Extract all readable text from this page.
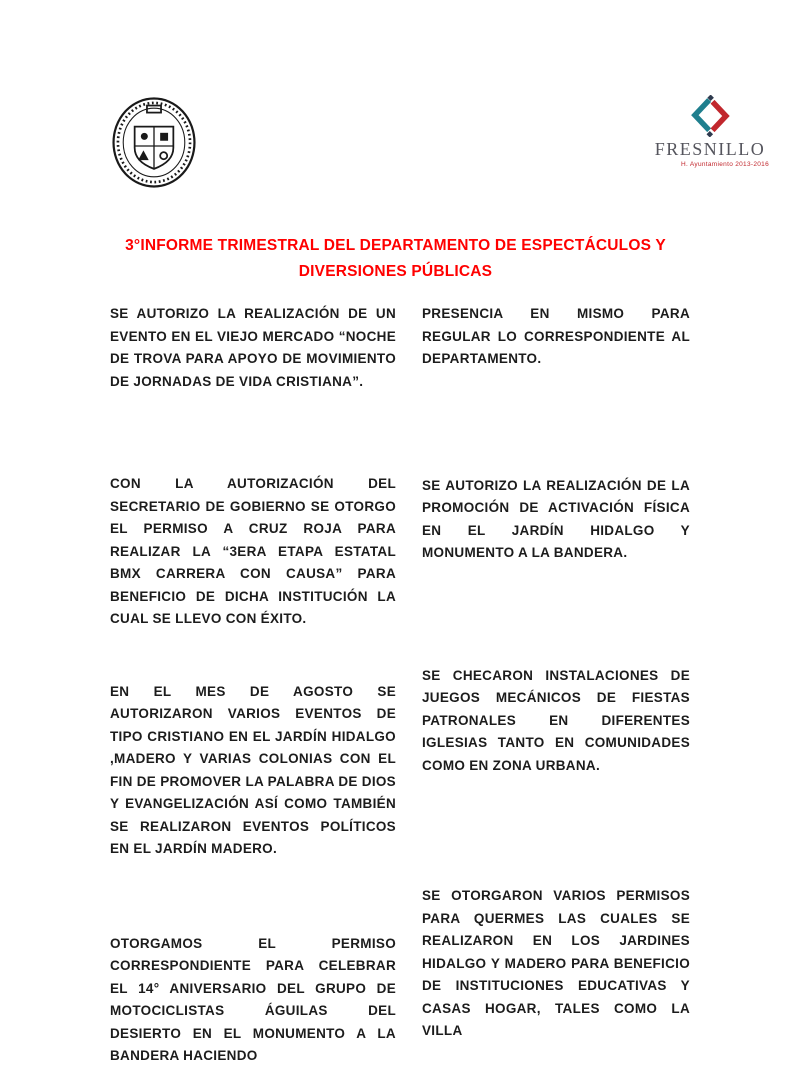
FRESNILLO
H. Ayuntamiento 2013-2016
3°INFORME TRIMESTRAL DEL DEPARTAMENTO DE ESPECTÁCULOS Y
DIVERSIONES PÚBLICAS

SE AUTORIZO LA REALIZACIÓN DE UN EVENTO EN EL VIEJO MERCADO “NOCHE DE TROVA PARA APOYO DE MOVIMIENTO DE JORNADAS DE VIDA CRISTIANA”.

CON LA AUTORIZACIÓN DEL SECRETARIO DE GOBIERNO SE OTORGO EL PERMISO A CRUZ ROJA PARA REALIZAR LA “3ERA ETAPA ESTATAL BMX CARRERA CON CAUSA” PARA BENEFICIO DE DICHA INSTITUCIÓN LA CUAL SE LLEVO CON ÉXITO.

EN EL MES DE AGOSTO SE AUTORIZARON VARIOS EVENTOS DE TIPO CRISTIANO EN EL JARDÍN HIDALGO ,MADERO Y VARIAS COLONIAS CON EL FIN DE PROMOVER LA PALABRA DE DIOS Y EVANGELIZACIÓN ASÍ COMO TAMBIÉN SE REALIZARON EVENTOS POLÍTICOS EN EL JARDÍN MADERO.

OTORGAMOS EL PERMISO CORRESPONDIENTE PARA CELEBRAR EL 14° ANIVERSARIO DEL GRUPO DE MOTOCICLISTAS ÁGUILAS DEL DESIERTO EN EL MONUMENTO A LA BANDERA HACIENDO

PRESENCIA EN MISMO PARA REGULAR LO CORRESPONDIENTE AL DEPARTAMENTO.

SE AUTORIZO LA REALIZACIÓN DE LA PROMOCIÓN DE ACTIVACIÓN FÍSICA EN EL JARDÍN HIDALGO Y MONUMENTO A LA BANDERA.

SE CHECARON INSTALACIONES DE JUEGOS MECÁNICOS DE FIESTAS PATRONALES EN DIFERENTES IGLESIAS TANTO EN COMUNIDADES COMO EN ZONA URBANA.

SE OTORGARON VARIOS PERMISOS PARA QUERMES LAS CUALES SE REALIZARON EN LOS JARDINES HIDALGO Y MADERO PARA BENEFICIO DE INSTITUCIONES EDUCATIVAS Y CASAS HOGAR, TALES COMO LA VILLA
